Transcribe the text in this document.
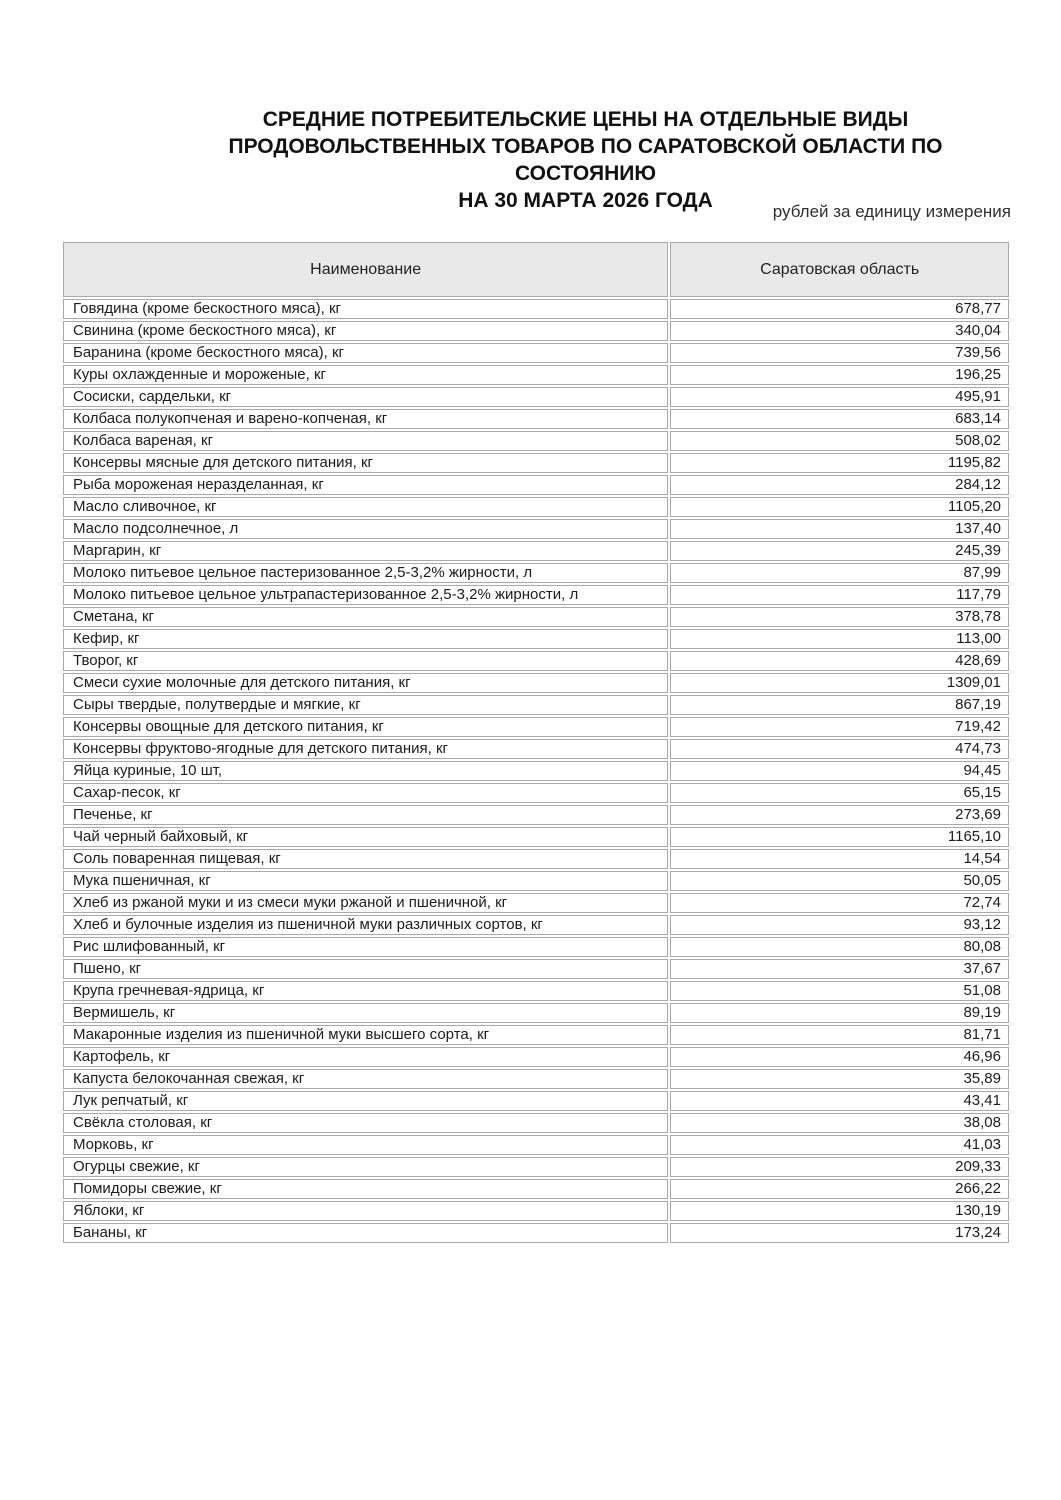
СРЕДНИЕ ПОТРЕБИТЕЛЬСКИЕ ЦЕНЫ НА ОТДЕЛЬНЫЕ ВИДЫ
ПРОДОВОЛЬСТВЕННЫХ ТОВАРОВ ПО САРАТОВСКОЙ ОБЛАСТИ ПО СОСТОЯНИЮ
НА 30 МАРТА 2026 ГОДА	рублей за единицу измерения
Наименование	Саратовская область
Говядина (кроме бескостного мяса), кг	678,77
Свинина (кроме бескостного мяса), кг	340,04
Баранина (кроме бескостного мяса), кг	739,56
Куры охлажденные и мороженые, кг	196,25
Сосиски, сардельки, кг	495,91
Колбаса полукопченая и варено-копченая, кг	683,14
Колбаса вареная, кг	508,02
Консервы мясные для детского питания, кг	1195,82
Рыба мороженая неразделанная, кг	284,12
Масло сливочное, кг	1105,20
Масло подсолнечное, л	137,40
Маргарин, кг	245,39
Молоко питьевое цельное пастеризованное 2,5-3,2% жирности, л	87,99
Молоко питьевое цельное ультрапастеризованное 2,5-3,2% жирности, л	117,79
Сметана, кг	378,78
Кефир, кг	113,00
Творог, кг	428,69
Смеси сухие молочные для детского питания, кг	1309,01
Сыры твердые, полутвердые и мягкие, кг	867,19
Консервы овощные для детского питания, кг	719,42
Консервы фруктово-ягодные для детского питания, кг	474,73
Яйца куриные, 10 шт,	94,45
Сахар-песок, кг	65,15
Печенье, кг	273,69
Чай черный байховый, кг	1165,10
Соль поваренная пищевая, кг	14,54
Мука пшеничная, кг	50,05
Хлеб из ржаной муки и из смеси муки ржаной и пшеничной, кг	72,74
Хлеб и булочные изделия из пшеничной муки различных сортов, кг	93,12
Рис шлифованный, кг	80,08
Пшено, кг	37,67
Крупа гречневая-ядрица, кг	51,08
Вермишель, кг	89,19
Макаронные изделия из пшеничной муки высшего сорта, кг	81,71
Картофель, кг	46,96
Капуста белокочанная свежая, кг	35,89
Лук репчатый, кг	43,41
Свёкла столовая, кг	38,08
Морковь, кг	41,03
Огурцы свежие, кг	209,33
Помидоры свежие, кг	266,22
Яблоки, кг	130,19
Бананы, кг	173,24
